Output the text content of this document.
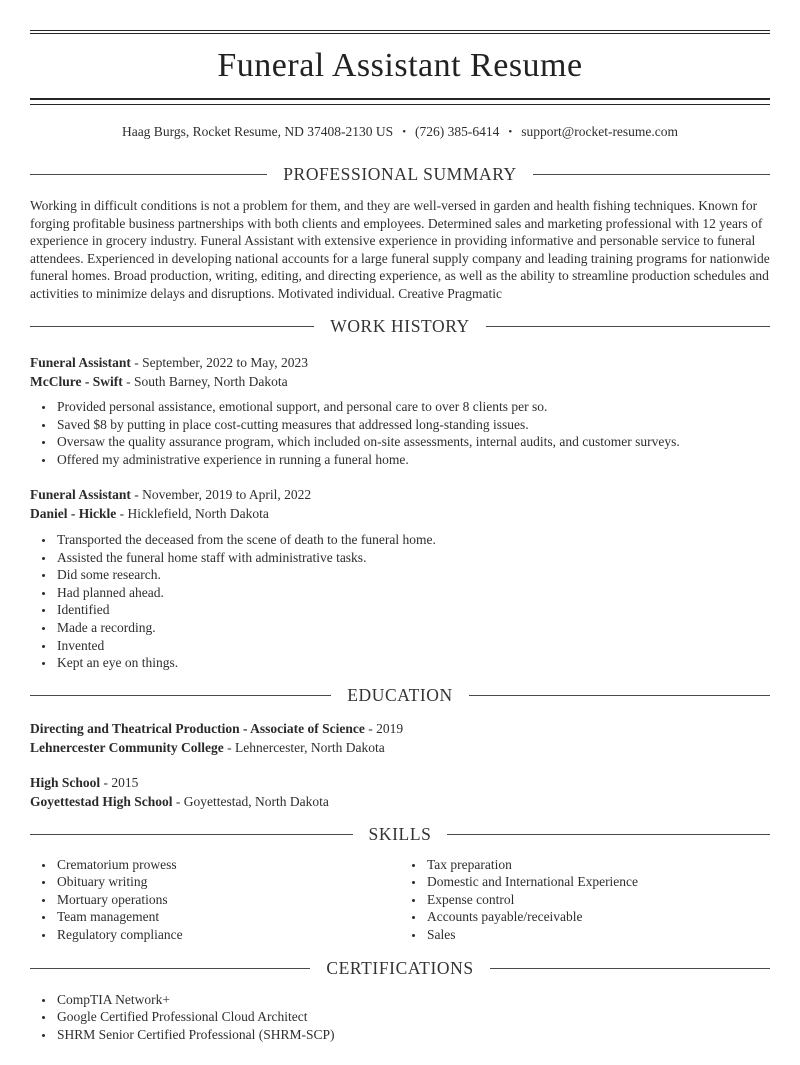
Funeral Assistant Resume
Haag Burgs, Rocket Resume, ND 37408-2130 US • (726) 385-6414 • support@rocket-resume.com
PROFESSIONAL SUMMARY

Working in difficult conditions is not a problem for them, and they are well-versed in garden and health fishing techniques. Known for forging profitable business partnerships with both clients and employees. Determined sales and marketing professional with 12 years of experience in grocery industry. Funeral Assistant with extensive experience in providing informative and personable service to funeral attendees. Experienced in developing national accounts for a large funeral supply company and leading training programs for nationwide funeral homes. Broad production, writing, editing, and directing experience, as well as the ability to streamline production schedules and activities to minimize delays and disruptions. Motivated individual. Creative Pragmatic

WORK HISTORY
Funeral Assistant - September, 2022 to May, 2023
McClure - Swift - South Barney, North Dakota
• Provided personal assistance, emotional support, and personal care to over 8 clients per so.
• Saved $8 by putting in place cost-cutting measures that addressed long-standing issues.
• Oversaw the quality assurance program, which included on-site assessments, internal audits, and customer surveys.
• Offered my administrative experience in running a funeral home.
Funeral Assistant - November, 2019 to April, 2022
Daniel - Hickle - Hicklefield, North Dakota
• Transported the deceased from the scene of death to the funeral home.
• Assisted the funeral home staff with administrative tasks.
• Did some research.
• Had planned ahead.
• Identified
• Made a recording.
• Invented
• Kept an eye on things.
EDUCATION
Directing and Theatrical Production - Associate of Science - 2019
Lehnercester Community College - Lehnercester, North Dakota
High School - 2015
Goyettestad High School - Goyettestad, North Dakota
SKILLS
• Crematorium prowess
• Obituary writing
• Mortuary operations
• Team management
• Regulatory compliance
• Tax preparation
• Domestic and International Experience
• Expense control
• Accounts payable/receivable
• Sales
CERTIFICATIONS
• CompTIA Network+
• Google Certified Professional Cloud Architect
• SHRM Senior Certified Professional (SHRM-SCP)
